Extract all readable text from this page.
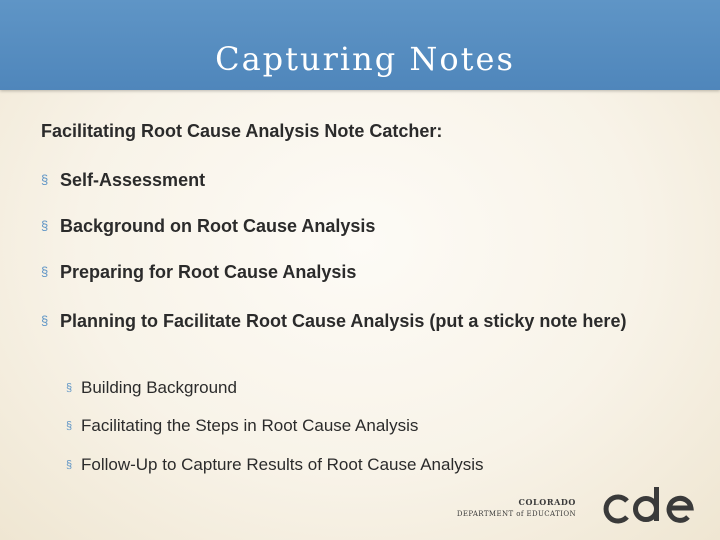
Capturing Notes
Facilitating Root Cause Analysis Note Catcher:
§ Self-Assessment
§ Background on Root Cause Analysis
§ Preparing for Root Cause Analysis
§ Planning to Facilitate Root Cause Analysis (put a sticky note here)
§ Building Background
§ Facilitating the Steps in Root Cause Analysis
§ Follow-Up to Capture Results of Root Cause Analysis
COLORADO
DEPARTMENT of EDUCATION
